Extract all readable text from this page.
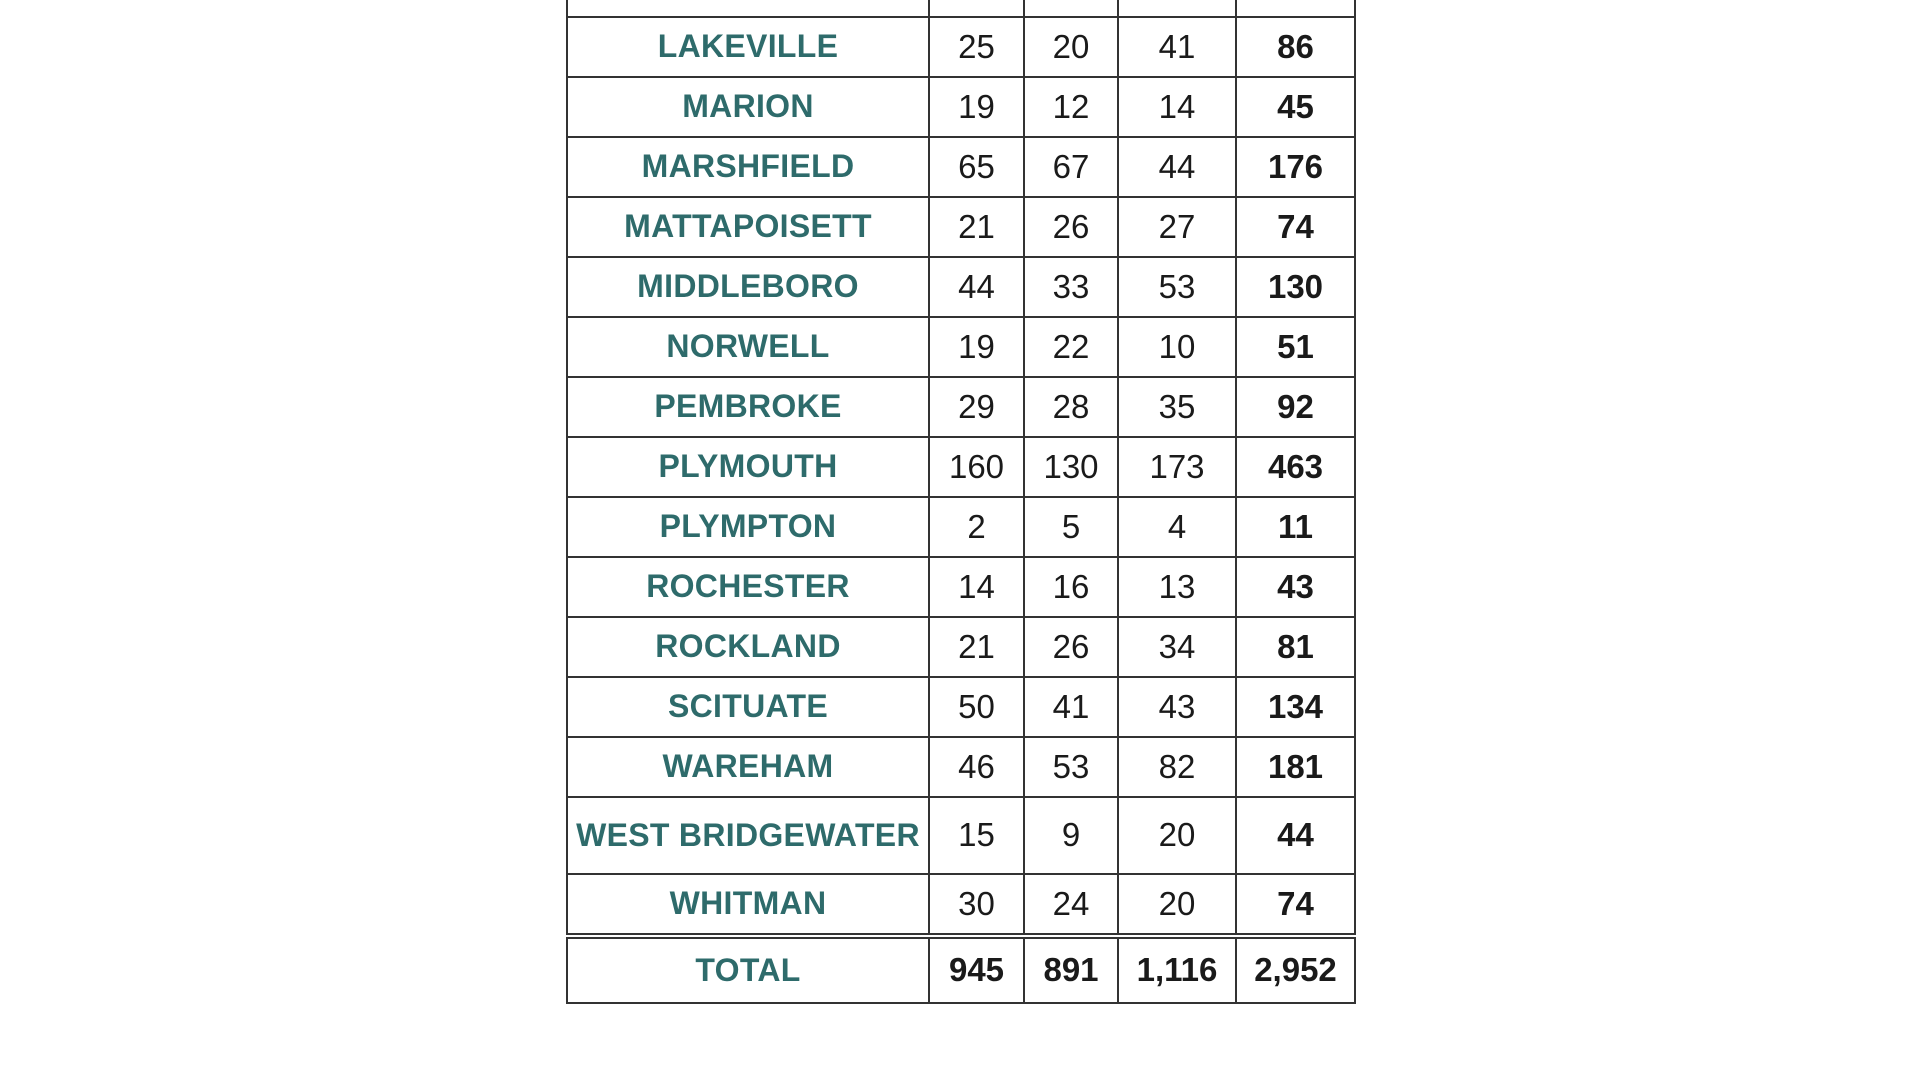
LAKEVILLE	25	20	41	86
MARION	19	12	14	45
MARSHFIELD	65	67	44	176
MATTAPOISETT	21	26	27	74
MIDDLEBORO	44	33	53	130
NORWELL	19	22	10	51
PEMBROKE	29	28	35	92
PLYMOUTH	160	130	173	463
PLYMPTON	2	5	4	11
ROCHESTER	14	16	13	43
ROCKLAND	21	26	34	81
SCITUATE	50	41	43	134
WAREHAM	46	53	82	181
WEST BRIDGEWATER	15	9	20	44
WHITMAN	30	24	20	74
TOTAL	945	891	1,116	2,952
